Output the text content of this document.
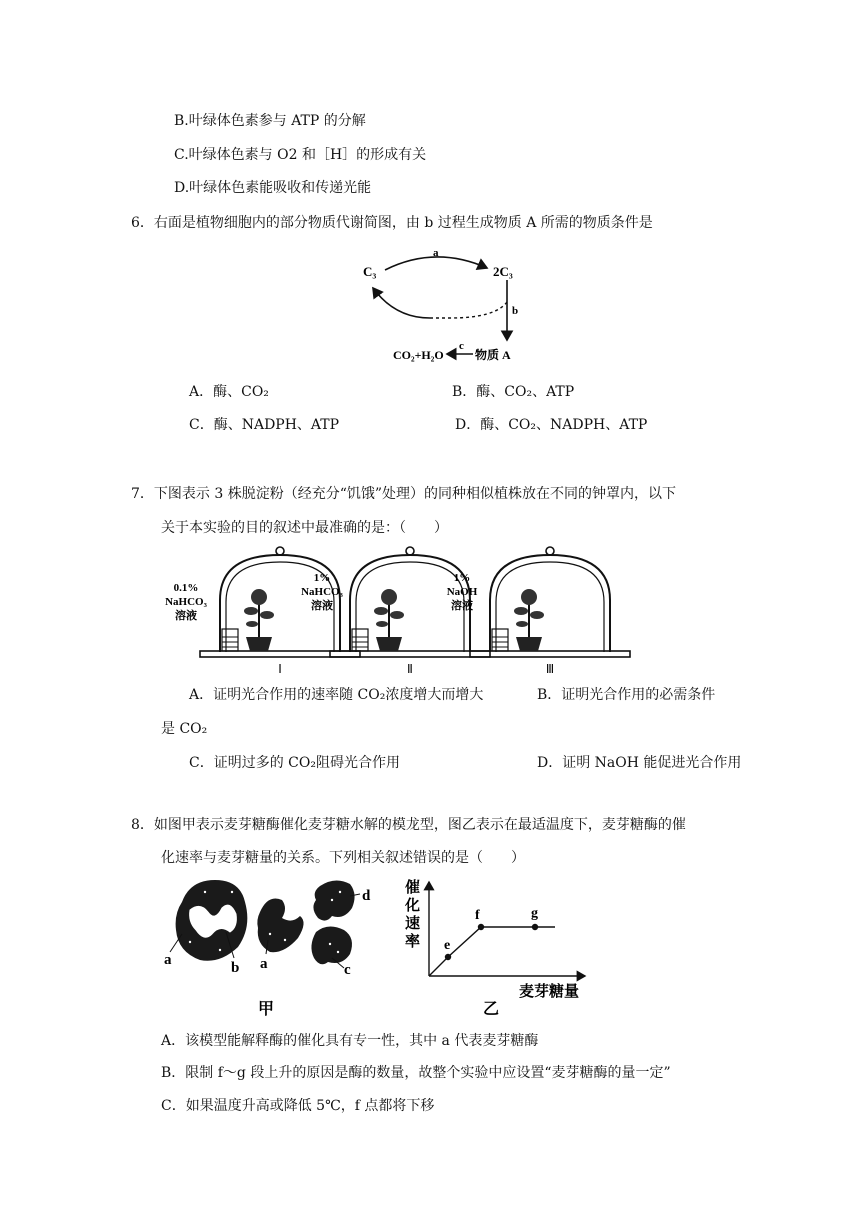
B.叶绿体色素参与 ATP 的分解
C.叶绿体色素与 O2 和［H］的形成有关
D.叶绿体色素能吸收和传递光能
6．右面是植物细胞内的部分物质代谢简图，由 b 过程生成物质 A 所需的物质条件是
C₃	2C₃
a
b
c
CO₂+H₂O	物质 A
A．酶、CO₂	B．酶、CO₂、ATP
C．酶、NADPH、ATP	D．酶、CO₂、NADPH、ATP
7．下图表示 3 株脱淀粉（经充分“饥饿”处理）的同种相似植株放在不同的钟罩内，以下
关于本实验的目的叙述中最准确的是：（　　）
Ⅰ	Ⅱ	Ⅲ
0.1%
NaHCO₃
溶液
1%
NaHCO₃
溶液
1%
NaOH
溶液
A．证明光合作用的速率随 CO₂浓度增大而增大	B．证明光合作用的必需条件
是 CO₂
C．证明过多的 CO₂阻碍光合作用	D．证明 NaOH 能促进光合作用
8．如图甲表示麦芽糖酶催化麦芽糖水解的模龙型，图乙表示在最适温度下，麦芽糖酶的催
化速率与麦芽糖量的关系。下列相关叙述错误的是（　　）
a	b a
d
c
甲
e
f	g
催
化
速
率
麦芽糖量
乙
A．该模型能解释酶的催化具有专一性，其中 a 代表麦芽糖酶
B．限制 f～g 段上升的原因是酶的数量，故整个实验中应设置“麦芽糖酶的量一定”
C．如果温度升高或降低 5℃，f 点都将下移
